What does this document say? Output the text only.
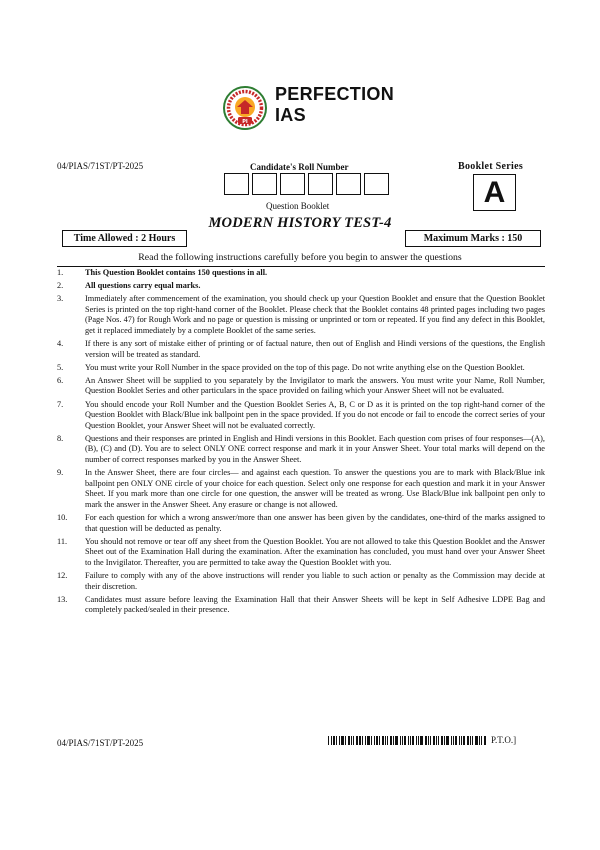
PI
PERFECTION
IAS
04/PIAS/71ST/PT-2025	Candidate's Roll Number
Question Booklet
Booklet Series
A
MODERN HISTORY TEST-4
Time Allowed : 2 Hours	Maximum Marks : 150
Read the following instructions carefully before you begin to answer the questions
1.	This Question Booklet contains 150 questions in all.
2.	All questions carry equal marks.
3.	Immediately after commencement of the examination, you should check up your Question Booklet and ensure that the Question Booklet Series is printed on the top right-hand corner of the Booklet. Please check that the Booklet contains 48 printed pages including two pages (Page Nos. 47) for Rough Work and no page or question is missing or unprinted or torn or repeated. If you find any defect in this Booklet, get it replaced immediately by a complete Booklet of the same series.
4.	If there is any sort of mistake either of printing or of factual nature, then out of English and Hindi versions of the questions, the English version will be treated as standard.
5.	You must write your Roll Number in the space provided on the top of this page. Do not write anything else on the Question Booklet.
6.	An Answer Sheet will be supplied to you separately by the Invigilator to mark the answers. You must write your Name, Roll Number, Question Booklet Series and other particulars in the space provided on failing which your Answer Sheet will not be evaluated.
7.	You should encode your Roll Number and the Question Booklet Series A, B, C or D as it is printed on the top right-hand corner of the Question Booklet with Black/Blue ink ballpoint pen in the space provided. If you do not encode or fail to encode the correct series of your Question Booklet, your Answer Sheet will not be evaluated correctly.
8.	Questions and their responses are printed in English and Hindi versions in this Booklet. Each question com prises of four responses—(A), (B), (C) and (D). You are to select ONLY ONE correct response and mark it in your Answer Sheet. Your total marks will depend on the number of correct responses marked by you in the Answer Sheet.
9.	In the Answer Sheet, there are four circles— and against each question. To answer the questions you are to mark with Black/Blue ink ballpoint pen ONLY ONE circle of your choice for each question. Select only one response for each question and mark it in your Answer Sheet. If you mark more than one circle for one question, the answer will be treated as wrong. Use Black/Blue ink ballpoint pen only to mark the answer in the Answer Sheet. Any erasure or change is not allowed.
10.	For each question for which a wrong answer/more than one answer has been given by the candidates, one-third of the marks assigned to that question will be deducted as penalty.
11.	You should not remove or tear off any sheet from the Question Booklet. You are not allowed to take this Question Booklet and the Answer Sheet out of the Examination Hall during the examination. After the examination has concluded, you must hand over your Answer Sheet to the Invigilator. Thereafter, you are permitted to take away the Question Booklet with you.
12.	Failure to comply with any of the above instructions will render you liable to such action or penalty as the Commission may decide at their discretion.
13.	Candidates must assure before leaving the Examination Hall that their Answer Sheets will be kept in Self Adhesive LDPE Bag and completely packed/sealed in their presence.
04/PIAS/71ST/PT-2025	P.T.O.]
